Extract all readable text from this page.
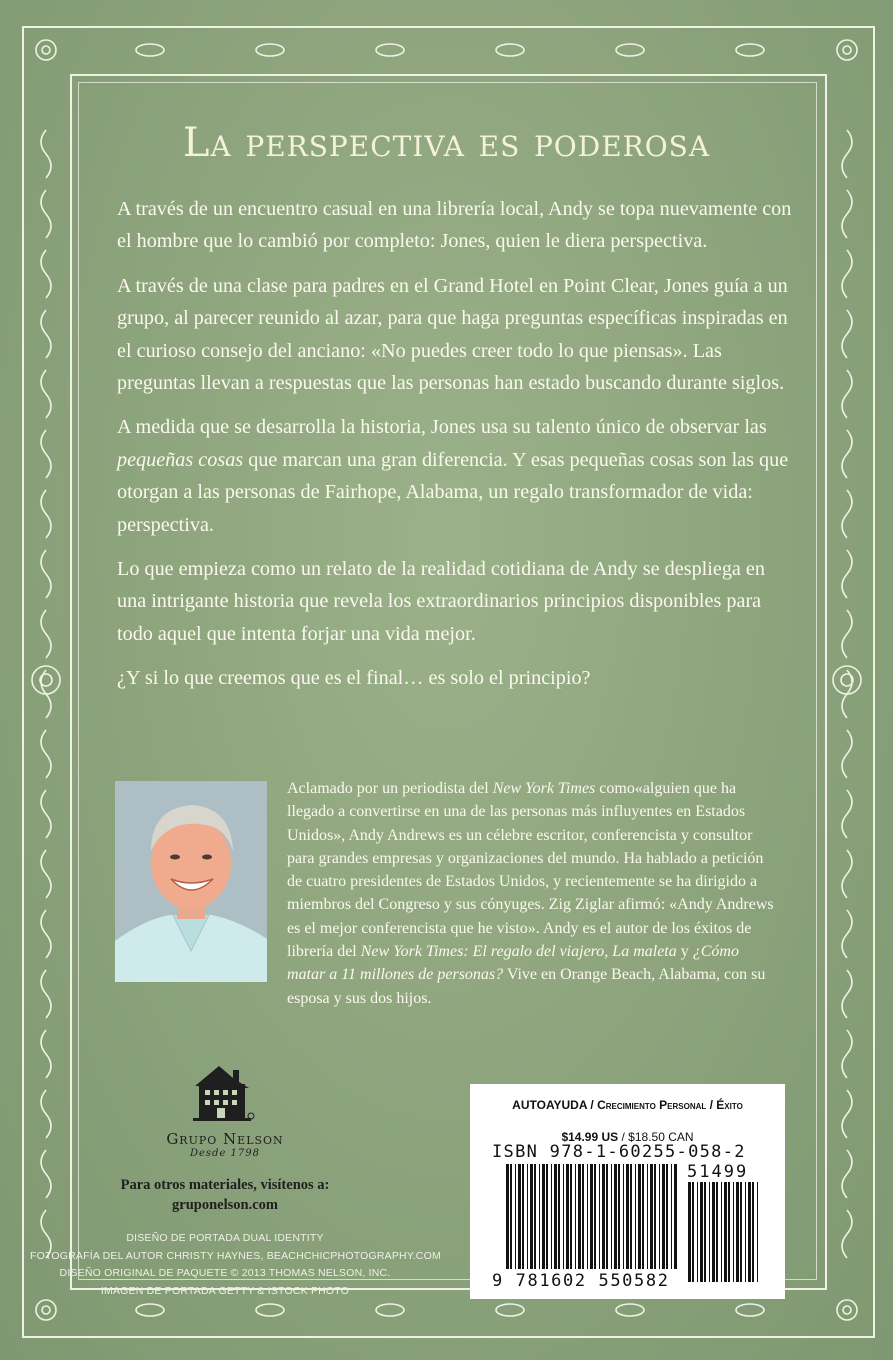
La perspectiva es poderosa

A través de un encuentro casual en una librería local, Andy se topa nuevamente con el hombre que lo cambió por completo: Jones, quien le diera perspectiva.

A través de una clase para padres en el Grand Hotel en Point Clear, Jones guía a un grupo, al parecer reunido al azar, para que haga preguntas específicas inspiradas en el curioso consejo del anciano: «No puedes creer todo lo que piensas». Las preguntas llevan a respuestas que las personas han estado buscando durante siglos.

A medida que se desarrolla la historia, Jones usa su talento único de observar las pequeñas cosas que marcan una gran diferencia. Y esas pequeñas cosas son las que otorgan a las personas de Fairhope, Alabama, un regalo transformador de vida: perspectiva.

Lo que empieza como un relato de la realidad cotidiana de Andy se despliega en una intrigante historia que revela los extraordinarios principios disponibles para todo aquel que intenta forjar una vida mejor.

¿Y si lo que creemos que es el final… es solo el principio?

Aclamado por un periodista del New York Times como«alguien que ha llegado a convertirse en una de las personas más influyentes en Estados Unidos», Andy Andrews es un célebre escritor, conferencista y consultor para grandes empresas y organizaciones del mundo. Ha hablado a petición de cuatro presidentes de Estados Unidos, y recientemente se ha dirigido a miembros del Congreso y sus cónyuges. Zig Ziglar afirmó: «Andy Andrews es el mejor conferencista que he visto». Andy es el autor de los éxitos de librería del New York Times: El regalo del viajero, La maleta y ¿Cómo matar a 11 millones de personas? Vive en Orange Beach, Alabama, con su esposa y sus dos hijos.
Grupo Nelson
Desde 1798
Para otros materiales, visítenos a:
gruponelson.com
DISEÑO DE PORTADA DUAL IDENTITY
FOTOGRAFÍA DEL AUTOR CHRISTY HAYNES, BEACHCHICPHOTOGRAPHY.COM
DISEÑO ORIGINAL DE PAQUETE © 2013 THOMAS NELSON, INC.
IMAGEN DE PORTADA GETTY & ISTOCK PHOTO
AUTOAYUDA / Crecimiento Personal / Éxito
$14.99 US / $18.50 CAN
ISBN 978-1-60255-058-2
51499
9 781602 550582
